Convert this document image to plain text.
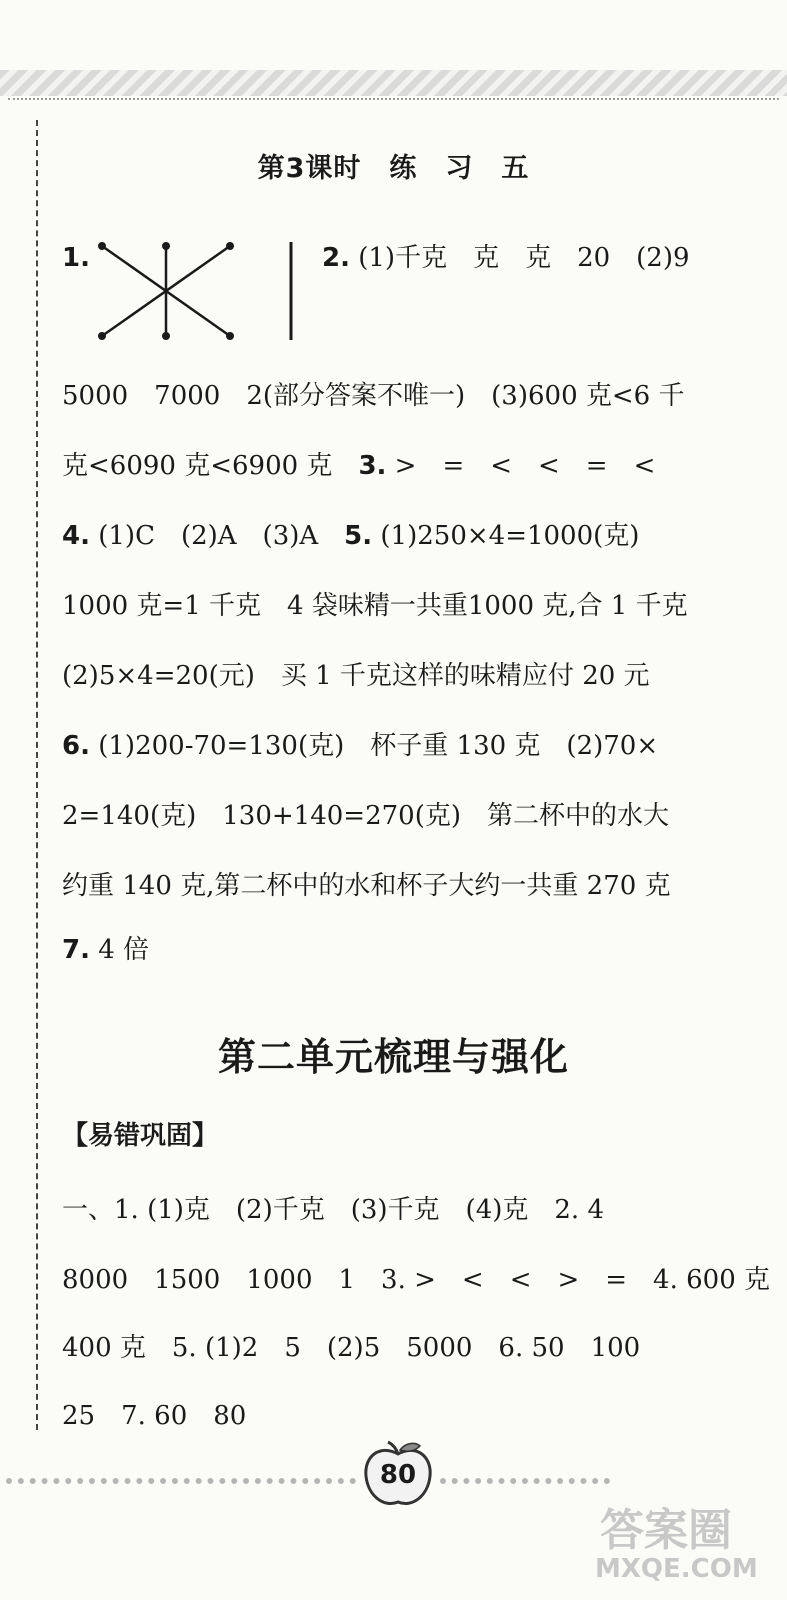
第3课时　练　习　五
1.	2. (1)千克　克　克　20　(2)9
5000　7000　2(部分答案不唯一)　(3)600 克<6 千
克<6090 克<6900 克　3. >　=　<　<　=　<
4. (1)C　(2)A　(3)A　5. (1)250×4=1000(克)
1000 克=1 千克　4 袋味精一共重1000 克,合 1 千克
(2)5×4=20(元)　买 1 千克这样的味精应付 20 元
6. (1)200-70=130(克)　杯子重 130 克　(2)70×
2=140(克)　130+140=270(克)　第二杯中的水大
约重 140 克,第二杯中的水和杯子大约一共重 270 克
7. 4 倍
第二单元梳理与强化
【易错巩固】
一、1. (1)克　(2)千克　(3)千克　(4)克　2. 4
8000　1500　1000　1　3. >　<　<　>　=　4. 600 克
400 克　5. (1)2　5　(2)5　5000　6. 50　100
25　7. 60　80
80
答案圈
MXQE.COM
